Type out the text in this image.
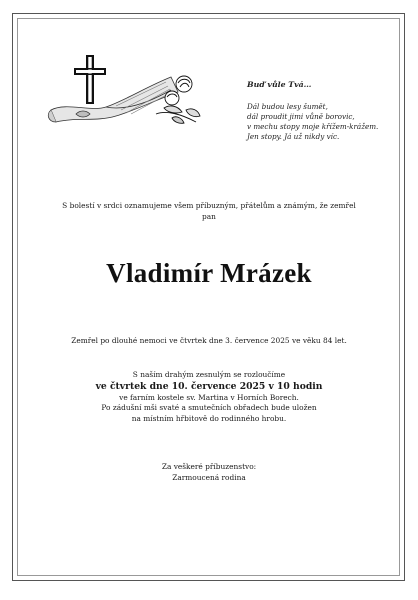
Buď vůle Tvá…
Dál budou lesy šumět,
dál proudit jimi vůně borovic,
v mechu stopy moje křížem-krážem.
Jen stopy. Já už nikdy víc.
S bolestí v srdci oznamujeme všem příbuzným, přátelům a známým, že zemřel
pan
Vladimír Mrázek
Zemřel po dlouhé nemoci ve čtvrtek dne 3. července 2025 ve věku 84 let.
S naším drahým zesnulým se rozloučíme
ve čtvrtek dne 10. července 2025 v 10 hodin
ve farním kostele sv. Martina v Horních Borech.
Po zádušní mši svaté a smutečních obřadech bude uložen
na místním hřbitově do rodinného hrobu.
Za veškeré příbuzenstvo:
Zarmoucená rodina
